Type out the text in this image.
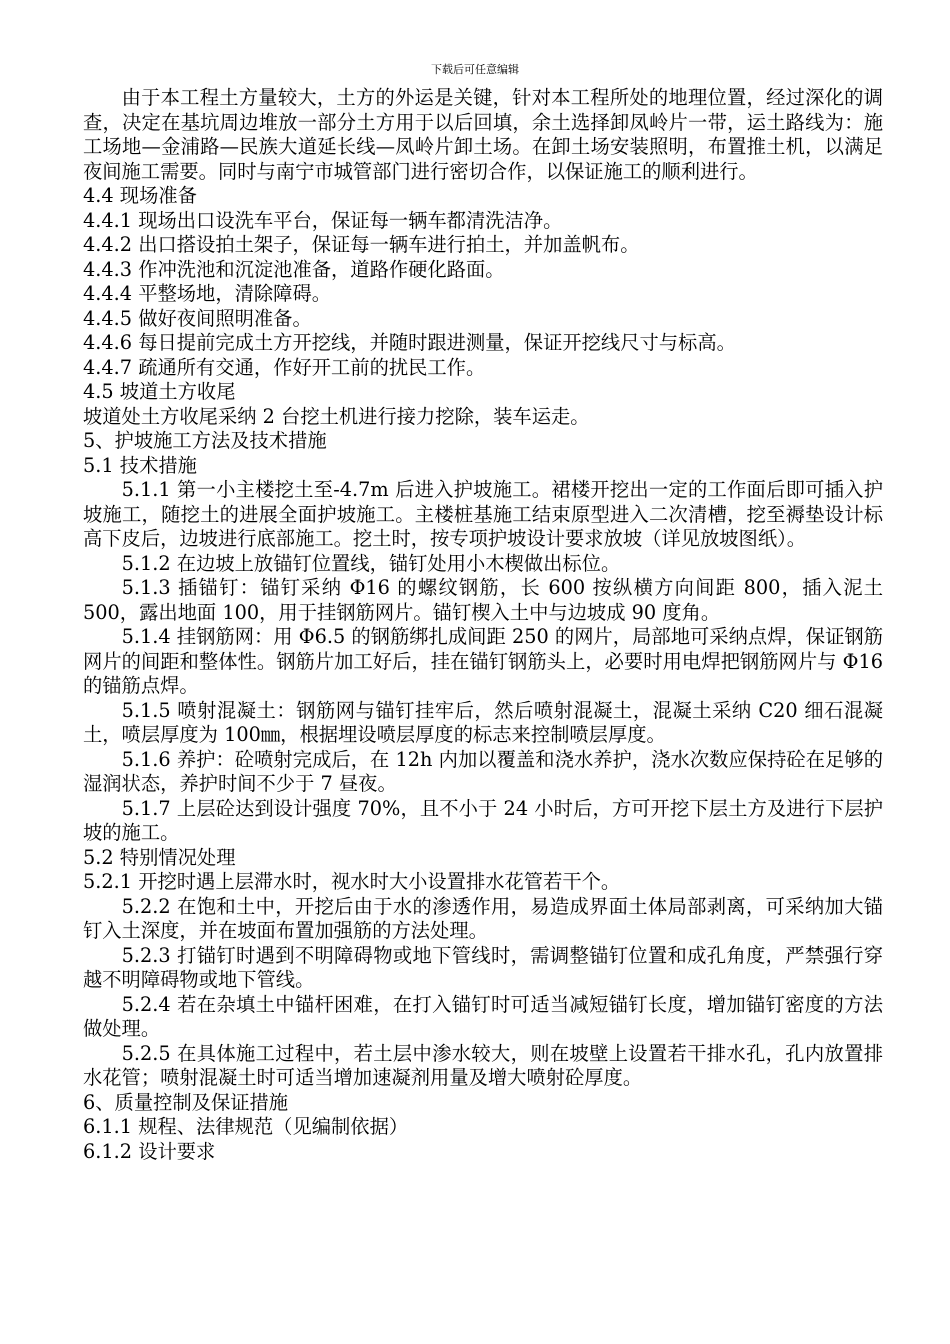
下载后可任意编辑

由于本工程土方量较大，土方的外运是关键，针对本工程所处的地理位置，经过深化的调查，决定在基坑周边堆放一部分土方用于以后回填，余土选择卸凤岭片一带，运土路线为：施工场地—金浦路—民族大道延长线—凤岭片卸土场。在卸土场安装照明，布置推土机，以满足夜间施工需要。同时与南宁市城管部门进行密切合作，以保证施工的顺利进行。

4.4 现场准备

4.4.1 现场出口设洗车平台，保证每一辆车都清洗洁净。

4.4.2 出口搭设拍土架子，保证每一辆车进行拍土，并加盖帆布。

4.4.3 作冲洗池和沉淀池准备，道路作硬化路面。

4.4.4 平整场地，清除障碍。

4.4.5 做好夜间照明准备。

4.4.6 每日提前完成土方开挖线，并随时跟进测量，保证开挖线尺寸与标高。

4.4.7 疏通所有交通，作好开工前的扰民工作。

4.5 坡道土方收尾

坡道处土方收尾采纳 2 台挖土机进行接力挖除，装车运走。

5、护坡施工方法及技术措施

5.1 技术措施

5.1.1 第一小主楼挖土至-4.7m 后进入护坡施工。裙楼开挖出一定的工作面后即可插入护坡施工，随挖土的进展全面护坡施工。主楼桩基施工结束原型进入二次清槽，挖至褥垫设计标高下皮后，边坡进行底部施工。挖土时，按专项护坡设计要求放坡（详见放坡图纸）。

5.1.2 在边坡上放锚钉位置线，锚钉处用小木楔做出标位。

5.1.3 插锚钉：锚钉采纳 Φ16 的螺纹钢筋，长 600 按纵横方向间距 800，插入泥土 500，露出地面 100，用于挂钢筋网片。锚钉楔入土中与边坡成 90 度角。

5.1.4 挂钢筋网：用 Φ6.5 的钢筋绑扎成间距 250 的网片，局部地可采纳点焊，保证钢筋网片的间距和整体性。钢筋片加工好后，挂在锚钉钢筋头上，必要时用电焊把钢筋网片与 Φ16 的锚筋点焊。

5.1.5 喷射混凝土：钢筋网与锚钉挂牢后，然后喷射混凝土，混凝土采纳 C20 细石混凝土，喷层厚度为 100㎜，根据埋设喷层厚度的标志来控制喷层厚度。

5.1.6 养护：砼喷射完成后，在 12h 内加以覆盖和浇水养护，浇水次数应保持砼在足够的湿润状态，养护时间不少于 7 昼夜。

5.1.7 上层砼达到设计强度 70%，且不小于 24 小时后，方可开挖下层土方及进行下层护坡的施工。

5.2 特别情况处理

5.2.1 开挖时遇上层滞水时，视水时大小设置排水花管若干个。

5.2.2 在饱和土中，开挖后由于水的渗透作用，易造成界面土体局部剥离，可采纳加大锚钉入土深度，并在坡面布置加强筋的方法处理。

5.2.3 打锚钉时遇到不明障碍物或地下管线时，需调整锚钉位置和成孔角度，严禁强行穿越不明障碍物或地下管线。

5.2.4 若在杂填土中锚杆困难，在打入锚钉时可适当减短锚钉长度，增加锚钉密度的方法做处理。

5.2.5 在具体施工过程中，若土层中渗水较大，则在坡壁上设置若干排水孔，孔内放置排水花管；喷射混凝土时可适当增加速凝剂用量及增大喷射砼厚度。

6、质量控制及保证措施

6.1.1 规程、法律规范（见编制依据）

6.1.2 设计要求
